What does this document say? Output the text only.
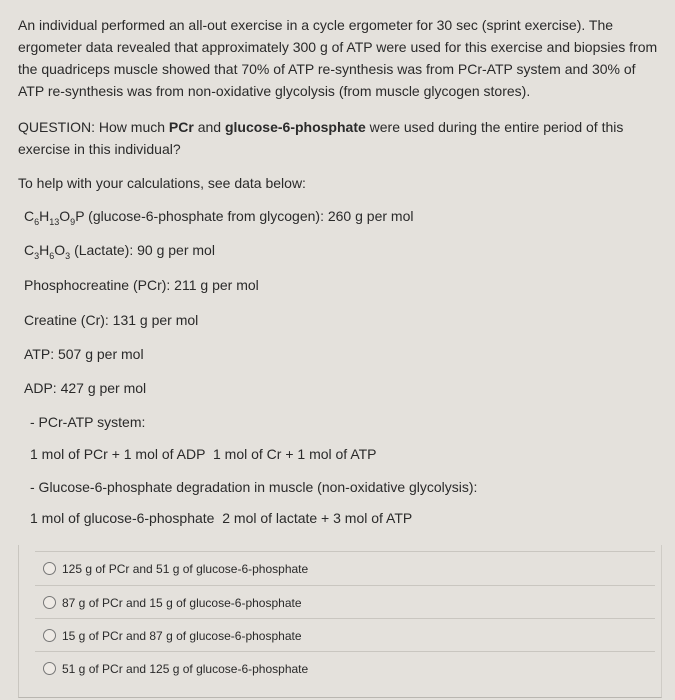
An individual performed an all-out exercise in a cycle ergometer for 30 sec (sprint exercise). The ergometer data revealed that approximately 300 g of ATP were used for this exercise and biopsies from the quadriceps muscle showed that 70% of ATP re-synthesis was from PCr-ATP system and 30% of ATP re-synthesis was from non-oxidative glycolysis (from muscle glycogen stores).
QUESTION: How much PCr and glucose-6-phosphate were used during the entire period of this exercise in this individual?
To help with your calculations, see data below:
$C_6H_{13}O_9P$ (glucose-6-phosphate from glycogen): 260 g per mol
$C_3H_6O_3$ (Lactate): 90 g per mol
Phosphocreatine (PCr): 211 g per mol
Creatine (Cr): 131 g per mol
ATP: 507 g per mol
ADP: 427 g per mol
- PCr-ATP system:
1 mol of PCr + 1 mol of ADP  1 mol of Cr + 1 mol of ATP
- Glucose-6-phosphate degradation in muscle (non-oxidative glycolysis):
1 mol of glucose-6-phosphate  2 mol of lactate + 3 mol of ATP
125 g of PCr and 51 g of glucose-6-phosphate
87 g of PCr and 15 g of glucose-6-phosphate
15 g of PCr and 87 g of glucose-6-phosphate
51 g of PCr and 125 g of glucose-6-phosphate
